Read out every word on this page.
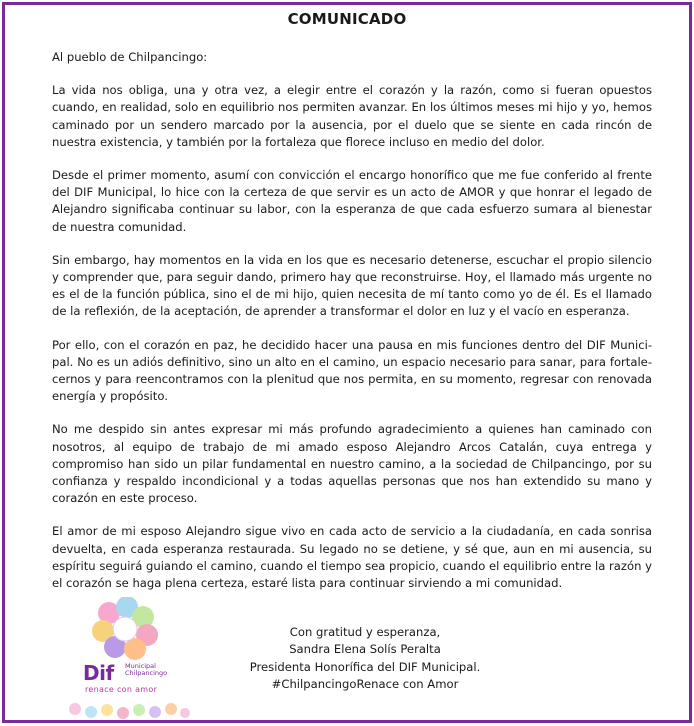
COMUNICADO
Al pueblo de Chilpancingo:

La vida nos obliga, una y otra vez, a elegir entre el corazón y la razón, como si fueran opuestos cuando, en realidad, solo en equilibrio nos permiten avanzar. En los últimos meses mi hijo y yo, hemos caminado por un sendero marcado por la ausencia, por el duelo que se siente en cada rincón de nuestra existencia, y también por la fortaleza que florece incluso en medio del dolor.

Desde el primer momento, asumí con convicción el encargo honorífico que me fue conferido al frente del DIF Municipal, lo hice con la certeza de que servir es un acto de AMOR y que honrar el legado de Alejandro significaba continuar su labor, con la esperanza de que cada esfuerzo sumara al bienestar de nuestra comunidad.

Sin embargo, hay momentos en la vida en los que es necesario detenerse, escuchar el propio silencio y comprender que, para seguir dando, primero hay que reconstruirse. Hoy, el llamado más urgente no es el de la función pública, sino el de mi hijo, quien necesita de mí tanto como yo de él. Es el llamado de la reflexión, de la aceptación, de aprender a transformar el dolor en luz y el vacío en esperanza.

Por ello, con el corazón en paz, he decidido hacer una pausa en mis funciones dentro del DIF Municipal. No es un adiós definitivo, sino un alto en el camino, un espacio necesario para sanar, para fortalecernos y para reencontramos con la plenitud que nos permita, en su momento, regresar con renovada energía y propósito.

No me despido sin antes expresar mi más profundo agradecimiento a quienes han caminado con nosotros, al equipo de trabajo de mi amado esposo Alejandro Arcos Catalán, cuya entrega y compromiso han sido un pilar fundamental en nuestro camino, a la sociedad de Chilpancingo, por su confianza y respaldo incondicional y a todas aquellas personas que nos han extendido su mano y corazón en este proceso.

El amor de mi esposo Alejandro sigue vivo en cada acto de servicio a la ciudadanía, en cada sonrisa devuelta, en cada esperanza restaurada. Su legado no se detiene, y sé que, aun en mi ausencia, su espíritu seguirá guiando el camino, cuando el tiempo sea propicio, cuando el equilibrio entre la razón y el corazón se haga plena certeza, estaré lista para continuar sirviendo a mi comunidad.

Dif Municipal
Chilpancingo
renace con amor
Con gratitud y esperanza,
Sandra Elena Solís Peralta
Presidenta Honorífica del DIF Municipal.
#ChilpancingoRenace con Amor
